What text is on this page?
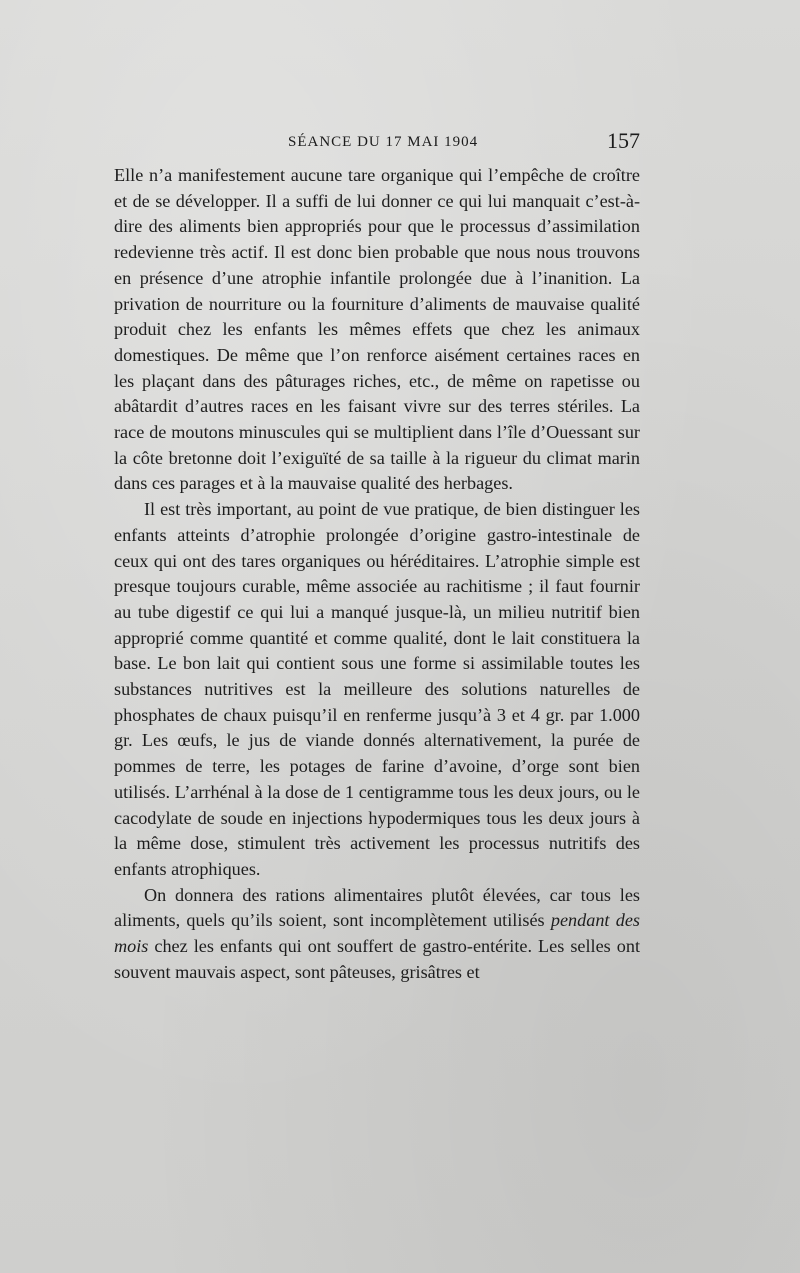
SÉANCE DU 17 MAI 1904	157

Elle n’a manifestement aucune tare organique qui l’empêche de croître et de se développer. Il a suffi de lui donner ce qui lui manquait c’est-à-dire des aliments bien appropriés pour que le processus d’assimilation redevienne très actif. Il est donc bien probable que nous nous trouvons en présence d’une atrophie infantile prolongée due à l’inanition. La privation de nourriture ou la fourniture d’aliments de mauvaise qualité produit chez les enfants les mêmes effets que chez les animaux domestiques. De même que l’on renforce aisément certaines races en les plaçant dans des pâturages riches, etc., de même on rapetisse ou abâtardit d’autres races en les faisant vivre sur des terres stériles. La race de moutons minuscules qui se multiplient dans l’île d’Ouessant sur la côte bretonne doit l’exiguïté de sa taille à la rigueur du climat marin dans ces parages et à la mauvaise qualité des herbages.

Il est très important, au point de vue pratique, de bien distinguer les enfants atteints d’atrophie prolongée d’origine gastro-intestinale de ceux qui ont des tares organiques ou héréditaires. L’atrophie simple est presque toujours curable, même associée au rachitisme ; il faut fournir au tube digestif ce qui lui a manqué jusque-là, un milieu nutritif bien approprié comme quantité et comme qualité, dont le lait constituera la base. Le bon lait qui contient sous une forme si assimilable toutes les substances nutritives est la meilleure des solutions naturelles de phosphates de chaux puisqu’il en renferme jusqu’à 3 et 4 gr. par 1.000 gr. Les œufs, le jus de viande donnés alternativement, la purée de pommes de terre, les potages de farine d’avoine, d’orge sont bien utilisés. L’arrhénal à la dose de 1 centigramme tous les deux jours, ou le cacodylate de soude en injections hypodermiques tous les deux jours à la même dose, stimulent très activement les processus nutritifs des enfants atrophiques.

On donnera des rations alimentaires plutôt élevées, car tous les aliments, quels qu’ils soient, sont incomplètement utilisés pendant des mois chez les enfants qui ont souffert de gastro-entérite. Les selles ont souvent mauvais aspect, sont pâteuses, grisâtres et
